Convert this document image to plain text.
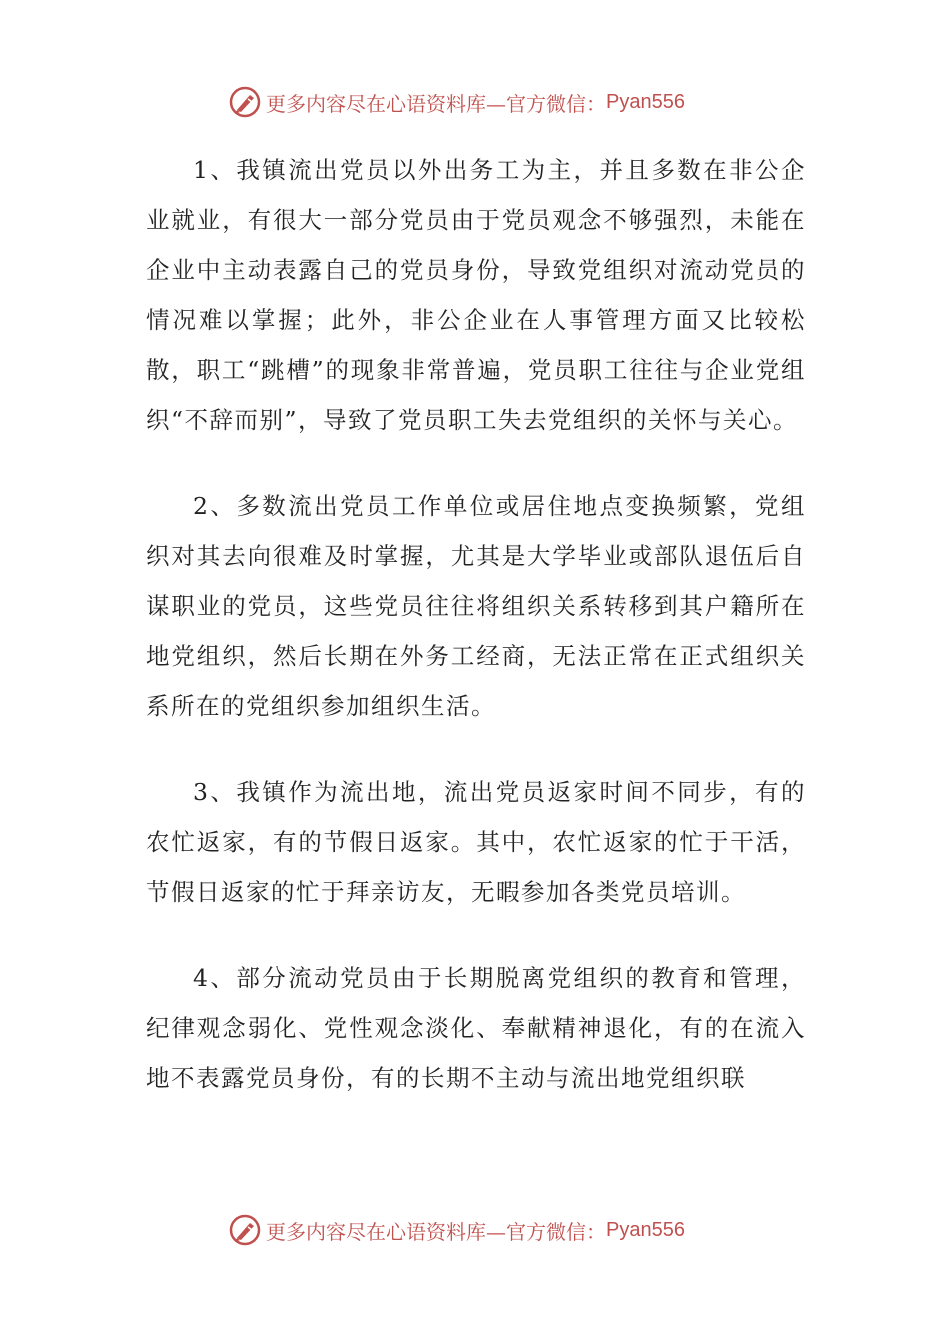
更多内容尽在心语资料库—官方微信： Pyan556

1、我镇流出党员以外出务工为主，并且多数在非公企业就业，有很大一部分党员由于党员观念不够强烈，未能在企业中主动表露自己的党员身份，导致党组织对流动党员的情况难以掌握；此外，非公企业在人事管理方面又比较松散，职工“跳槽”的现象非常普遍，党员职工往往与企业党组织“不辞而别”，导致了党员职工失去党组织的关怀与关心。

2、多数流出党员工作单位或居住地点变换频繁，党组织对其去向很难及时掌握，尤其是大学毕业或部队退伍后自谋职业的党员，这些党员往往将组织关系转移到其户籍所在地党组织，然后长期在外务工经商，无法正常在正式组织关系所在的党组织参加组织生活。

3、我镇作为流出地，流出党员返家时间不同步，有的农忙返家，有的节假日返家。其中，农忙返家的忙于干活，节假日返家的忙于拜亲访友，无暇参加各类党员培训。

4、部分流动党员由于长期脱离党组织的教育和管理，纪律观念弱化、党性观念淡化、奉献精神退化，有的在流入地不表露党员身份，有的长期不主动与流出地党组织联

更多内容尽在心语资料库—官方微信： Pyan556
